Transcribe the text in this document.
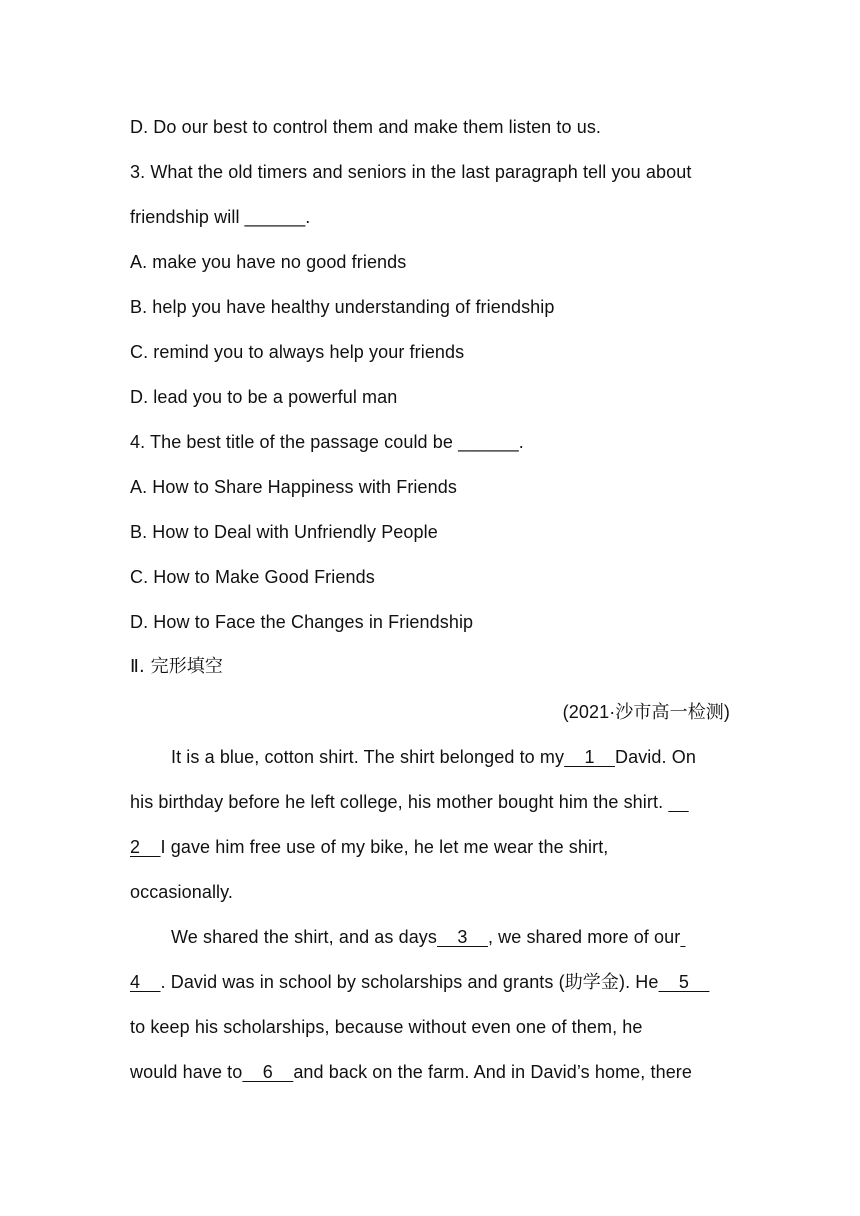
D. Do our best to control them and make them listen to us.
3. What the old timers and seniors in the last paragraph tell you about
friendship will ______.
A. make you have no good friends
B. help you have healthy understanding of friendship
C. remind you to always help your friends
D. lead you to be a powerful man
4. The best title of the passage could be ______.
A. How to Share Happiness with Friends
B. How to Deal with Unfriendly People
C. How to Make Good Friends
D. How to Face the Changes in Friendship
Ⅱ. 完形填空
(2021·沙市高一检测)
It is a blue, cotton shirt. The shirt belonged to my    1    David. On
his birthday before he left college, his mother bought him the shirt.
2    I gave him free use of my bike, he let me wear the shirt,
occasionally.
We shared the shirt, and as days    3    , we shared more of our
4    . David was in school by scholarships and grants (助学金). He    5
to keep his scholarships, because without even one of them, he
would have to    6    and back on the farm. And in David’s home, there
